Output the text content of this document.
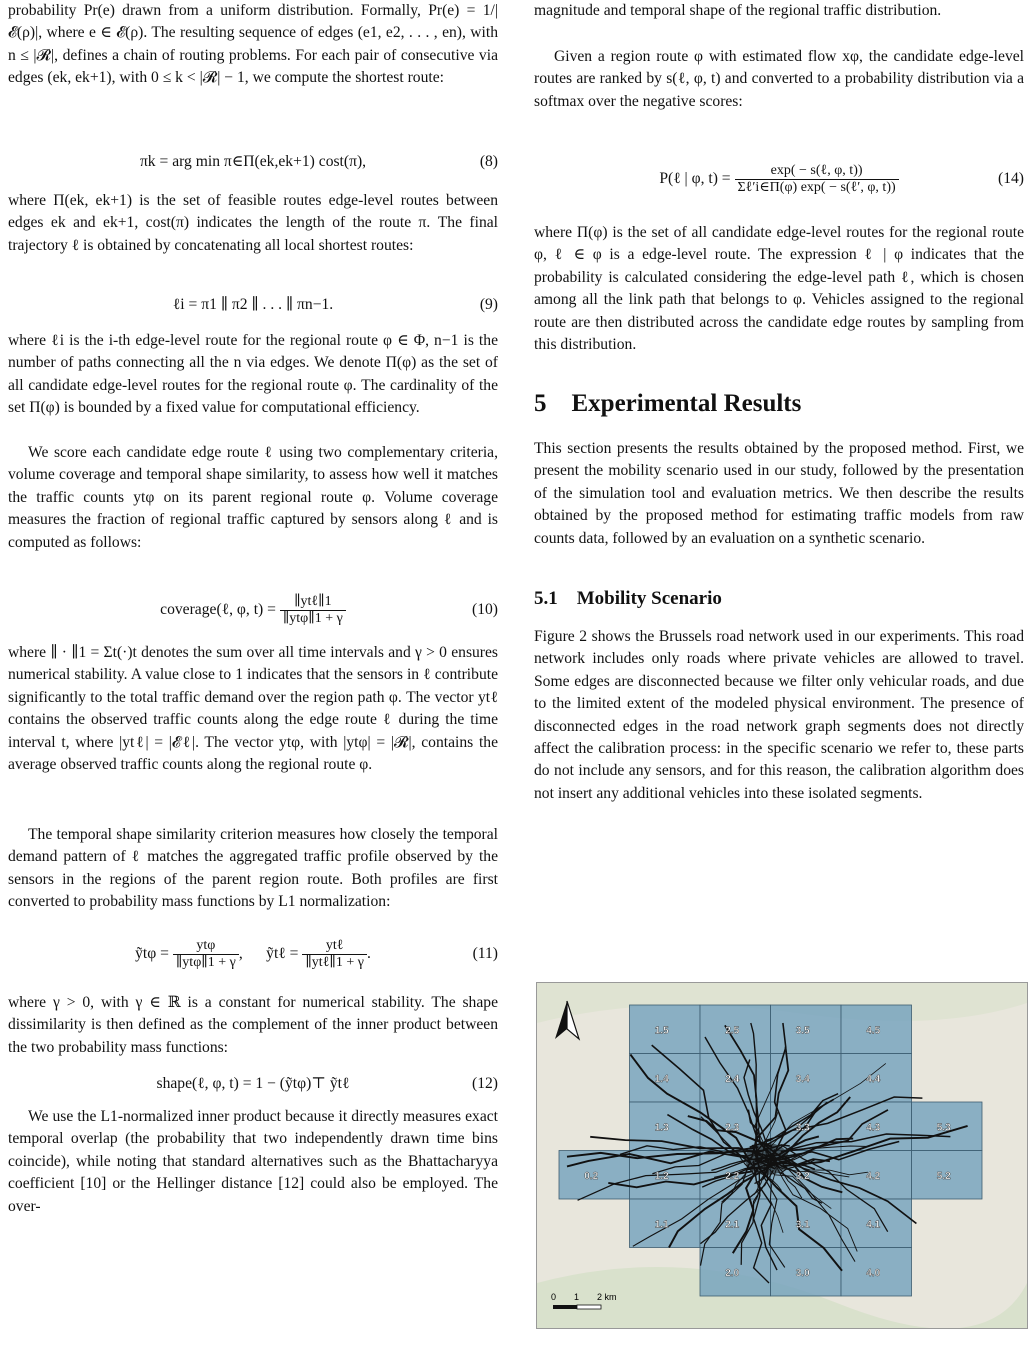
probability Pr(e) drawn from a uniform distribution. Formally, Pr(e) = 1/|𝓔(ρ)|, where e ∈ 𝓔(ρ). The resulting sequence of edges (e1, e2, . . . , en), with n ≤ |𝓡|, defines a chain of routing problems. For each pair of consecutive via edges (ek, ek+1), with 0 ≤ k < |𝓡| − 1, we compute the shortest route:

πk = arg min π∈Π(ek,ek+1) cost(π),	(8)

where Π(ek, ek+1) is the set of feasible routes edge-level routes between edges ek and ek+1, cost(π) indicates the length of the route π. The final trajectory ℓ is obtained by concatenating all local shortest routes:

ℓi = π1 ∥ π2 ∥ . . . ∥ πn−1.	(9)

where ℓi is the i-th edge-level route for the regional route φ ∈ Φ, n−1 is the number of paths connecting all the n via edges. We denote Π(φ) as the set of all candidate edge-level routes for the regional route φ. The cardinality of the set Π(φ) is bounded by a fixed value for computational efficiency.

We score each candidate edge route ℓ using two complementary criteria, volume coverage and temporal shape similarity, to assess how well it matches the traffic counts ytφ on its parent regional route φ. Volume coverage measures the fraction of regional traffic captured by sensors along ℓ and is computed as follows:

coverage(ℓ, φ, $t) = \frac{\text{∥ytℓ∥1}}{\text{∥ytφ∥1 + γ}}$	(10)

where ∥ · ∥1 = Σt(·)t denotes the sum over all time intervals and γ > 0 ensures numerical stability. A value close to 1 indicates that the sensors in ℓ contribute significantly to the total traffic demand over the region path φ. The vector ytℓ contains the observed traffic counts along the edge route ℓ during the time interval t, where |ytℓ| = |𝓔ℓ|. The vector ytφ, with |ytφ| = |𝓡|, contains the average observed traffic counts along the regional route φ.

The temporal shape similarity criterion measures how closely the temporal demand pattern of ℓ matches the aggregated traffic profile observed by the sensors in the regions of the parent region route. Both profiles are first converted to probability mass functions by L1 normalization:

ỹtφ = $\frac{\text{ytφ}}{\text{∥ytφ∥1 + γ}}$ ,      ỹtℓ = $\frac{\text{ytℓ}}{\text{∥ytℓ∥1 + γ}}$ .	(11)

where γ > 0, with γ ∈ ℝ is a constant for numerical stability. The shape dissimilarity is then defined as the complement of the inner product between the two probability mass functions:

shape(ℓ, φ, t) = 1 − (ỹtφ)⊤ ỹtℓ	(12)

We use the L1-normalized inner product because it directly measures exact temporal overlap (the probability that two independently drawn time bins coincide), while noting that standard alternatives such as the Bhattacharyya coefficient [10] or the Hellinger distance [12] could also be employed. The over-

magnitude and temporal shape of the regional traffic distribution.

Given a region route φ with estimated flow xφ, the candidate edge-level routes are ranked by s(ℓ, φ, t) and converted to a probability distribution via a softmax over the negative scores:

P(ℓ | φ, $t) = \frac{\text{exp( − s(ℓ, φ, t))}}{\text{Σℓ′i∈Π(φ) exp( − s(ℓ′, φ, t))}}$	(14)

where Π(φ) is the set of all candidate edge-level routes for the regional route φ, ℓ ∈ φ is a edge-level route. The expression ℓ | φ indicates that the probability is calculated considering the edge-level path ℓ, which is chosen among all the link path that belongs to φ. Vehicles assigned to the regional route are then distributed across the candidate edge routes by sampling from this distribution.

5 Experimental Results

This section presents the results obtained by the proposed method. First, we present the mobility scenario used in our study, followed by the presentation of the simulation tool and evaluation metrics. We then describe the results obtained by the proposed method for estimating traffic models from raw counts data, followed by an evaluation on a synthetic scenario.

5.1 Mobility Scenario

Figure 2 shows the Brussels road network used in our experiments. This road network includes only roads where private vehicles are allowed to travel. Some edges are disconnected because we filter only vehicular roads, and due to the limited extent of the modeled physical environment. The presence of disconnected edges in the road network graph segments does not directly affect the calibration process: in the specific scenario we refer to, these parts do not include any sensors, and for this reason, the calibration algorithm does not insert any additional vehicles into these isolated segments.

1.5	2.5	3.5	4.5
1.4	2.4	3.4	4.4
1.3	2.3	3.3	4.3	5.3
0.2	1.2	2.2	3.2	4.2	5.2
1.1	2.1	3.1	4.1
2.0	3.0	4.0
0 1 2 km
